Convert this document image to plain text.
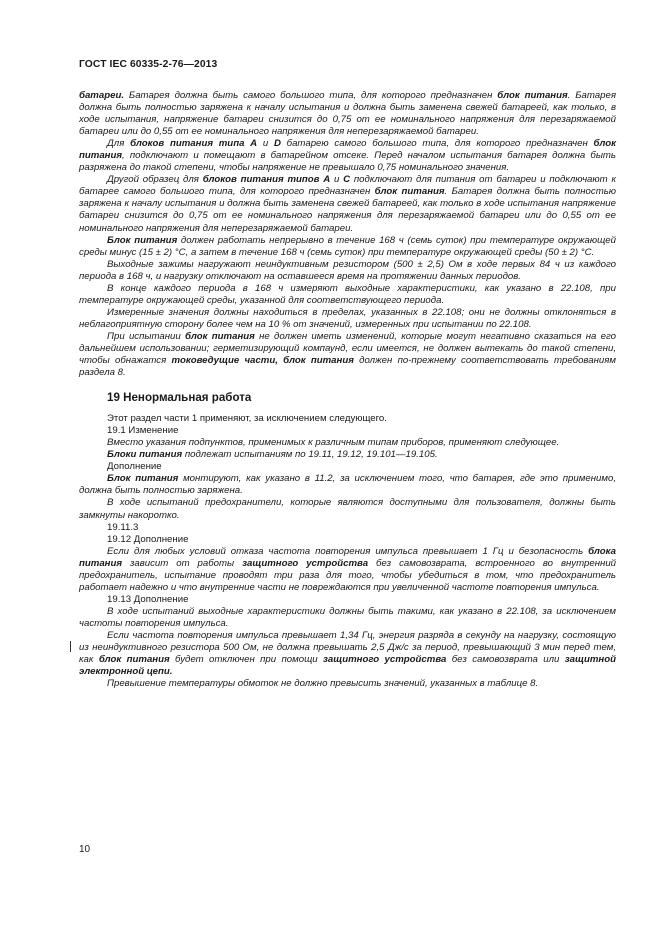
ГОСТ IEC 60335-2-76—2013

батареи. Батарея должна быть самого большого типа, для которого предназначен блок питания. Батарея должна быть полностью заряжена к началу испытания и должна быть заменена свежей батареей, как только, в ходе испытания, напряжение батареи снизится до 0,75 от ее номинального напряжения для перезаряжаемой батареи или до 0,55 от ее номинального напряжения для неперезаряжаемой батареи.

Для блоков питания типа A и D батарею самого большого типа, для которого предназначен блок питания, подключают и помещают в батарейном отсеке. Перед началом испытания батарея должна быть разряжена до такой степени, чтобы напряжение не превышало 0,75 номинального значения.

Другой образец для блоков питания типов A и C подключают для питания от батареи и подключают к батарее самого большого типа, для которого предназначен блок питания. Батарея должна быть полностью заряжена к началу испытания и должна быть заменена свежей батареей, как только в ходе испытания напряжение батареи снизится до 0,75 от ее номинального напряжения для перезаряжаемой батареи или до 0,55 от ее номинального напряжения для неперезаряжаемой батареи.

Блок питания должен работать непрерывно в течение 168 ч (семь суток) при температуре окружающей среды минус (15 ± 2) °С, а затем в течение 168 ч (семь суток) при температуре окружающей среды (50 ± 2) °С.

Выходные зажимы нагружают неиндуктивным резистором (500 ± 2,5) Ом в ходе первых 84 ч из каждого периода в 168 ч, и нагрузку отключают на оставшееся время на протяжении данных периодов.

В конце каждого периода в 168 ч измеряют выходные характеристики, как указано в 22.108, при температуре окружающей среды, указанной для соответствующего периода.

Измеренные значения должны находиться в пределах, указанных в 22.108; они не должны отклоняться в неблагоприятную сторону более чем на 10 % от значений, измеренных при испытании по 22.108.

При испытании блок питания не должен иметь изменений, которые могут негативно сказаться на его дальнейшем использовании; герметизирующий компаунд, если имеется, не должен вытекать до такой степени, чтобы обнажатся токоведущие части, блок питания должен по-прежнему соответствовать требованиям раздела 8.

19 Ненормальная работа

Этот раздел части 1 применяют, за исключением следующего.

19.1 Изменение

Вместо указания подпунктов, применимых к различным типам приборов, применяют следующее.

Блоки питания подлежат испытаниям по 19.11, 19.12, 19.101—19.105.

Дополнение

Блок питания монтируют, как указано в 11.2, за исключением того, что батарея, где это применимо, должна быть полностью заряжена.

В ходе испытаний предохранители, которые являются доступными для пользователя, должны быть замкнуты накоротко.

19.11.3

19.12 Дополнение

Если для любых условий отказа частота повторения импульса превышает 1 Гц и безопасность блока питания зависит от работы защитного устройства без самовозврата, встроенного во внутренний предохранитель, испытание проводят три раза для того, чтобы убедиться в том, что предохранитель работает надежно и что внутренние части не повреждаются при увеличенной частоте повторения импульса.

19.13 Дополнение

В ходе испытаний выходные характеристики должны быть такими, как указано в 22.108, за исключением частоты повторения импульса.

Если частота повторения импульса превышает 1,34 Гц, энергия разряда в секунду на нагрузку, состоящую из неиндуктивного резистора 500 Ом, не должна превышать 2,5 Дж/с за период, превышающий 3 мин перед тем, как блок питания будет отключен при помощи защитного устройства без самовозврата или защитной электронной цепи.

Превышение температуры обмоток не должно превысить значений, указанных в таблице 8.

10
